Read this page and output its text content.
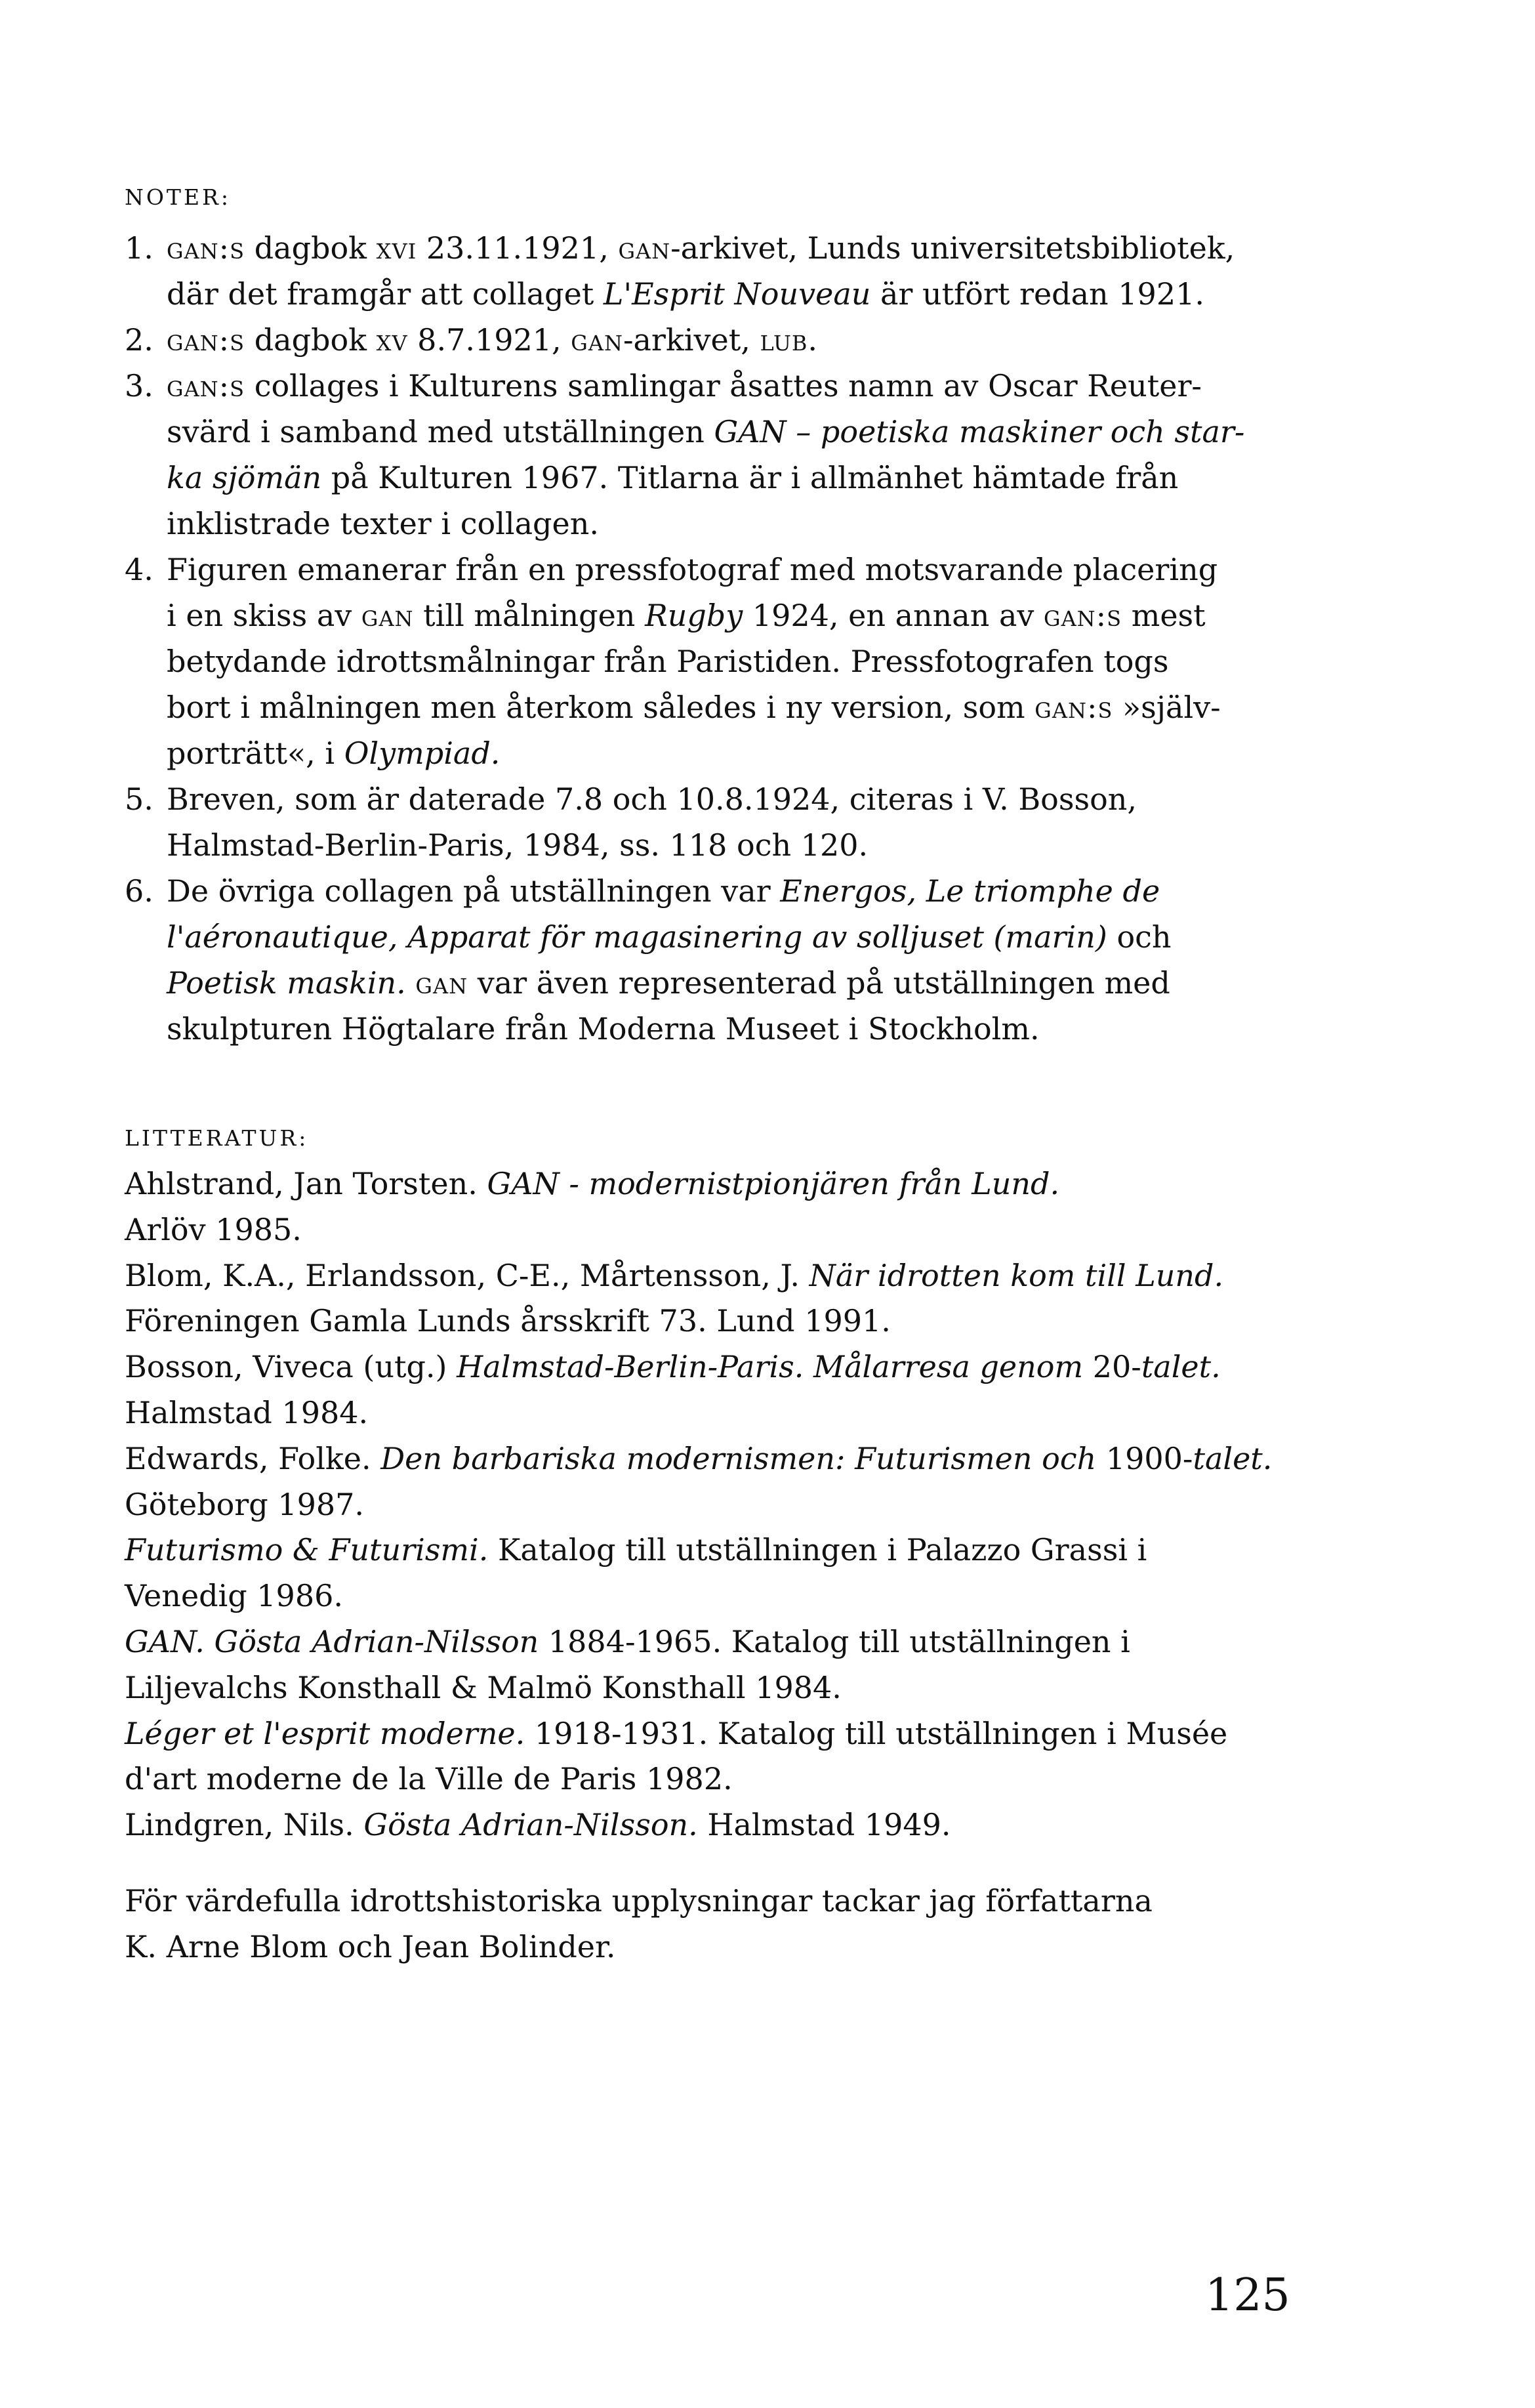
NOTER:
1. gan:s dagbok xvi 23.11.1921, gan-arkivet, Lunds universitetsbibliotek,
där det framgår att collaget L'Esprit Nouveau är utfört redan 1921.
2. gan:s dagbok xv 8.7.1921, gan-arkivet, lub.
3. gan:s collages i Kulturens samlingar åsattes namn av Oscar Reuter-
svärd i samband med utställningen GAN – poetiska maskiner och star-
ka sjömän på Kulturen 1967. Titlarna är i allmänhet hämtade från
inklistrade texter i collagen.
4. Figuren emanerar från en pressfotograf med motsvarande placering
i en skiss av gan till målningen Rugby 1924, en annan av gan:s mest
betydande idrottsmålningar från Paristiden. Pressfotografen togs
bort i målningen men återkom således i ny version, som gan:s »själv-
porträtt«, i Olympiad.
5. Breven, som är daterade 7.8 och 10.8.1924, citeras i V. Bosson,
Halmstad-Berlin-Paris, 1984, ss. 118 och 120.
6. De övriga collagen på utställningen var Energos, Le triomphe de
l'aéronautique, Apparat för magasinering av solljuset (marin) och
Poetisk maskin. gan var även representerad på utställningen med
skulpturen Högtalare från Moderna Museet i Stockholm.
LITTERATUR:
Ahlstrand, Jan Torsten. GAN - modernistpionjären från Lund.
Arlöv 1985.
Blom, K.A., Erlandsson, C-E., Mårtensson, J. När idrotten kom till Lund.
Föreningen Gamla Lunds årsskrift 73. Lund 1991.
Bosson, Viveca (utg.) Halmstad-Berlin-Paris. Målarresa genom 20-talet.
Halmstad 1984.
Edwards, Folke. Den barbariska modernismen: Futurismen och 1900-talet.
Göteborg 1987.
Futurismo & Futurismi. Katalog till utställningen i Palazzo Grassi i
Venedig 1986.
GAN. Gösta Adrian-Nilsson 1884-1965. Katalog till utställningen i
Liljevalchs Konsthall & Malmö Konsthall 1984.
Léger et l'esprit moderne. 1918-1931. Katalog till utställningen i Musée
d'art moderne de la Ville de Paris 1982.
Lindgren, Nils. Gösta Adrian-Nilsson. Halmstad 1949.

För värdefulla idrottshistoriska upplysningar tackar jag författarna
K. Arne Blom och Jean Bolinder.

125
